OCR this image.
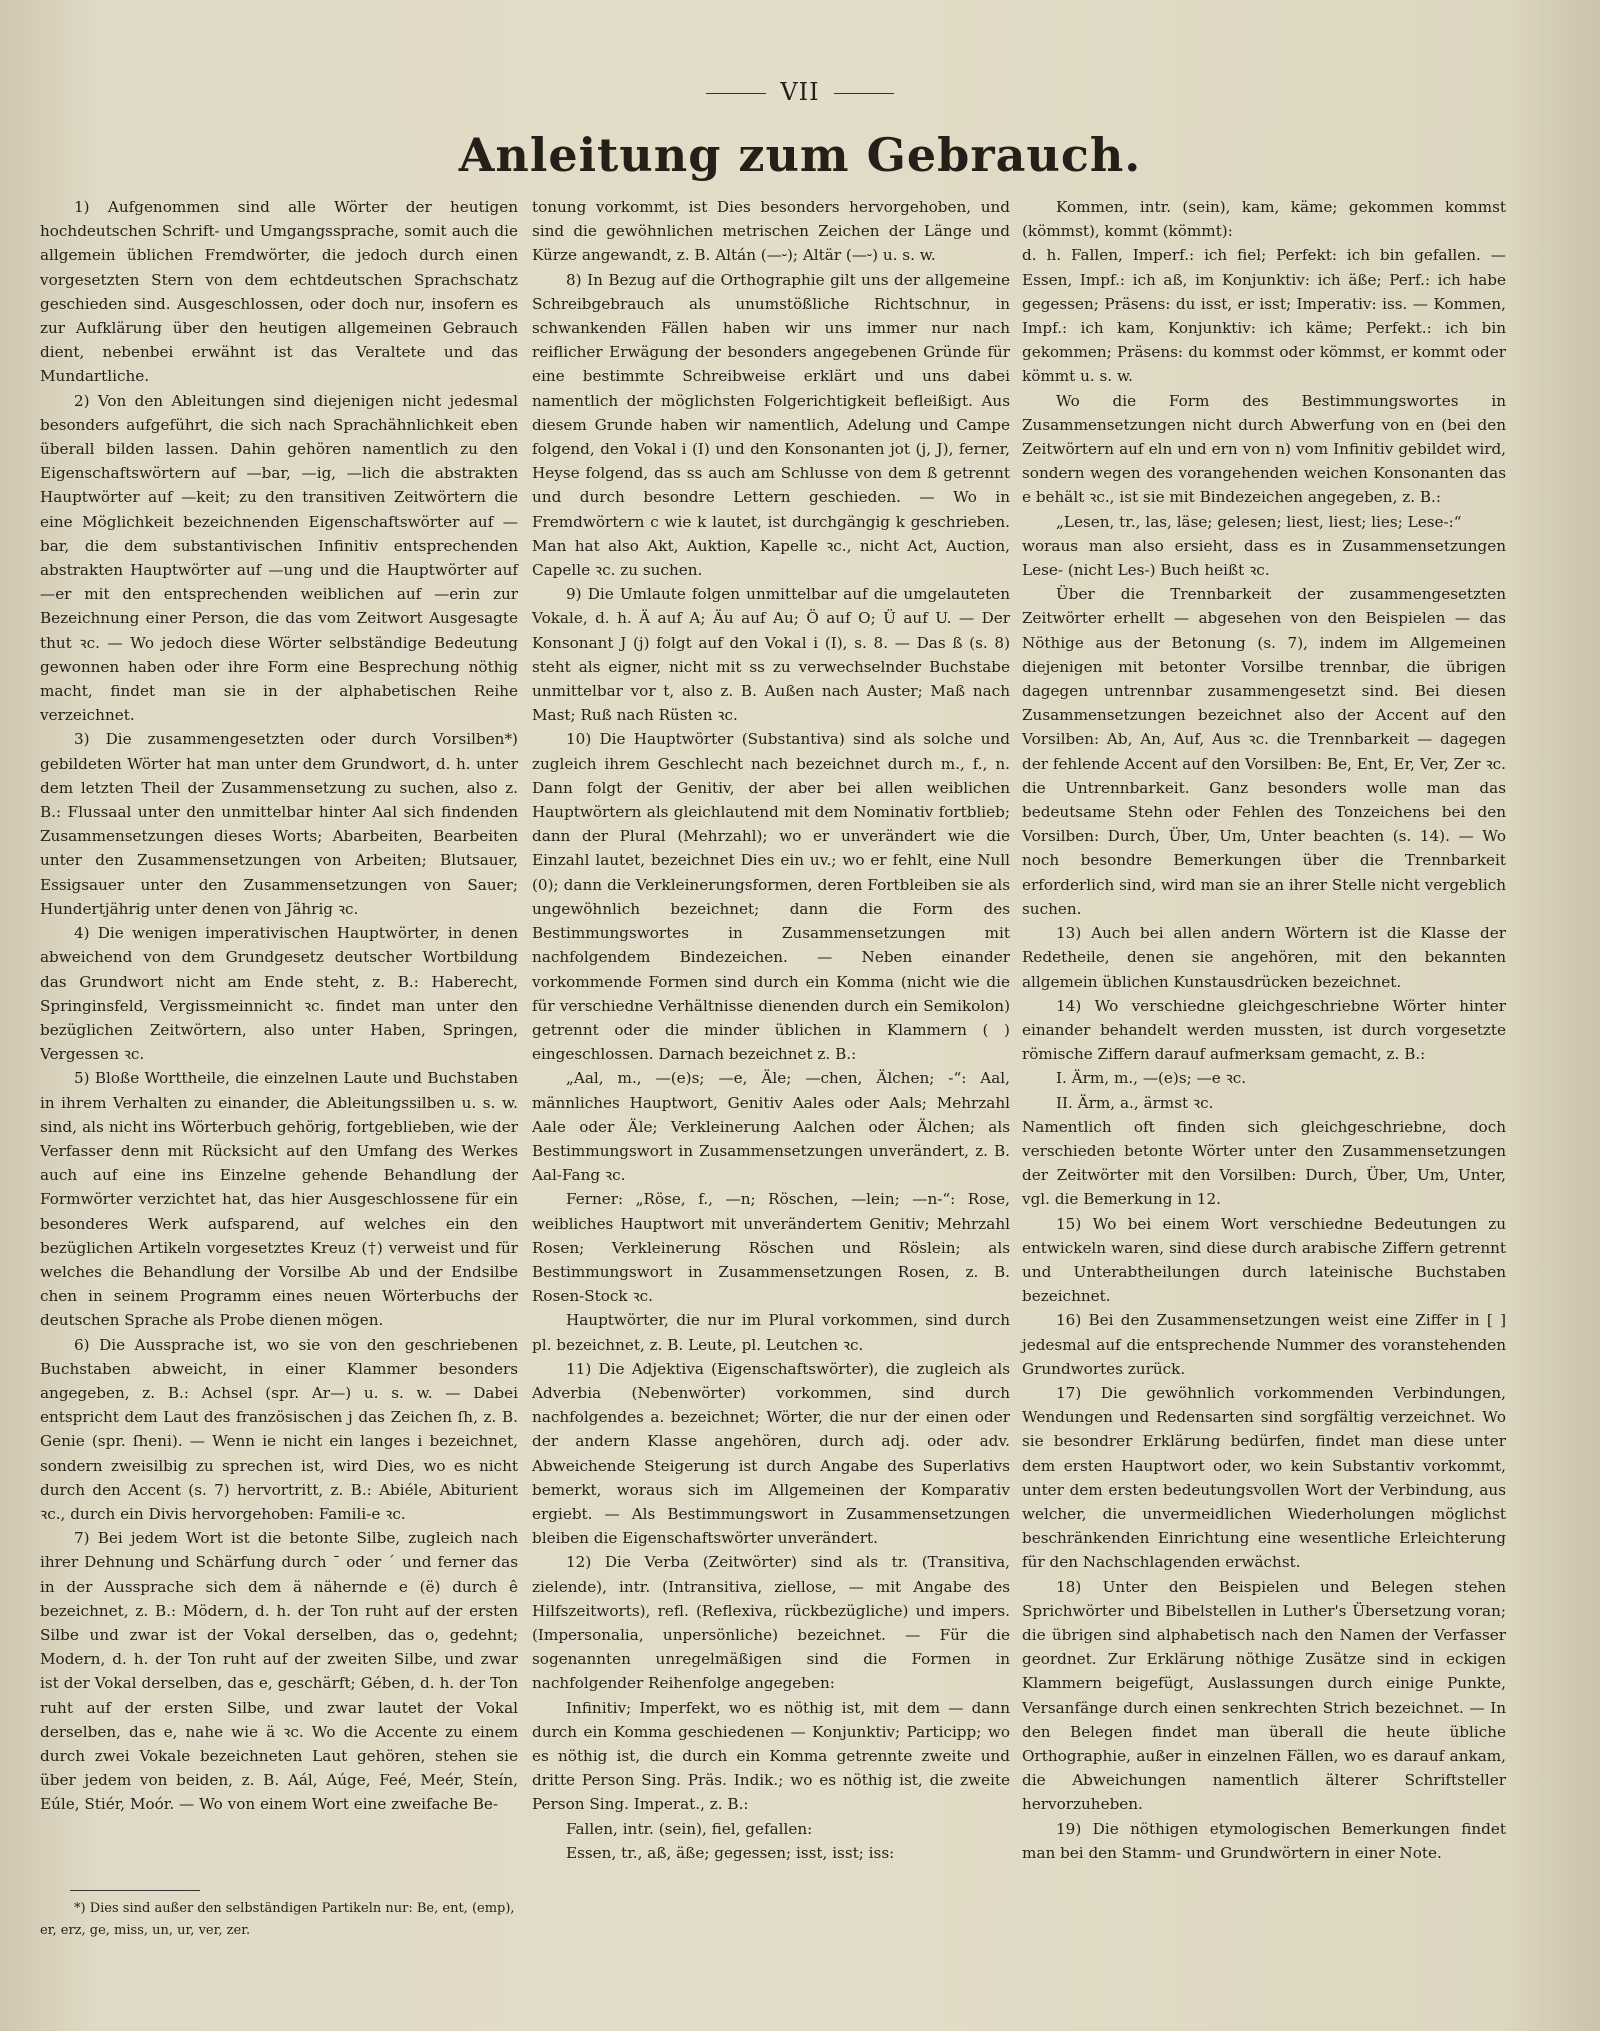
VII
Anleitung zum Gebrauch.

1) Aufgenommen sind alle Wörter der heutigen hochdeutschen Schrift- und Umgangssprache, somit auch die allgemein üblichen Fremdwörter, die jedoch durch einen vorgesetzten Stern von dem echtdeutschen Sprachschatz geschieden sind. Ausgeschlossen, oder doch nur, insofern es zur Aufklärung über den heutigen allgemeinen Gebrauch dient, nebenbei erwähnt ist das Veraltete und das Mundartliche.

2) Von den Ableitungen sind diejenigen nicht jedesmal besonders aufgeführt, die sich nach Sprachähnlichkeit eben überall bilden lassen. Dahin gehören namentlich zu den Eigenschaftswörtern auf —bar, —ig, —lich die abstrakten Hauptwörter auf —keit; zu den transitiven Zeitwörtern die eine Möglichkeit bezeichnenden Eigenschaftswörter auf —bar, die dem substantivischen Infinitiv entsprechenden abstrakten Hauptwörter auf —ung und die Hauptwörter auf —er mit den entsprechenden weiblichen auf —erin zur Bezeichnung einer Person, die das vom Zeitwort Ausgesagte thut ꝛc. — Wo jedoch diese Wörter selbständige Bedeutung gewonnen haben oder ihre Form eine Besprechung nöthig macht, findet man sie in der alphabetischen Reihe verzeichnet.

3) Die zusammengesetzten oder durch Vorsilben*) gebildeten Wörter hat man unter dem Grundwort, d. h. unter dem letzten Theil der Zusammensetzung zu suchen, also z. B.: Flussaal unter den unmittelbar hinter Aal sich findenden Zusammensetzungen dieses Worts; Abarbeiten, Bearbeiten unter den Zusammensetzungen von Arbeiten; Blutsauer, Essigsauer unter den Zusammensetzungen von Sauer; Hundertjährig unter denen von Jährig ꝛc.

4) Die wenigen imperativischen Hauptwörter, in denen abweichend von dem Grundgesetz deutscher Wortbildung das Grundwort nicht am Ende steht, z. B.: Haberecht, Springinsfeld, Vergissmeinnicht ꝛc. findet man unter den bezüglichen Zeitwörtern, also unter Haben, Springen, Vergessen ꝛc.

5) Bloße Worttheile, die einzelnen Laute und Buchstaben in ihrem Verhalten zu einander, die Ableitungssilben u. s. w. sind, als nicht ins Wörterbuch gehörig, fortgeblieben, wie der Verfasser denn mit Rücksicht auf den Umfang des Werkes auch auf eine ins Einzelne gehende Behandlung der Formwörter verzichtet hat, das hier Ausgeschlossene für ein besonderes Werk aufsparend, auf welches ein den bezüglichen Artikeln vorgesetztes Kreuz (†) verweist und für welches die Behandlung der Vorsilbe Ab und der Endsilbe chen in seinem Programm eines neuen Wörterbuchs der deutschen Sprache als Probe dienen mögen.

6) Die Aussprache ist, wo sie von den geschriebenen Buchstaben abweicht, in einer Klammer besonders angegeben, z. B.: Achsel (spr. Ar—) u. s. w. — Dabei entspricht dem Laut des französischen j das Zeichen ſh, z. B. Genie (spr. ſheni). — Wenn ie nicht ein langes i bezeichnet, sondern zweisilbig zu sprechen ist, wird Dies, wo es nicht durch den Accent (s. 7) hervortritt, z. B.: Abiéle, Abiturient ꝛc., durch ein Divis hervorgehoben: Famili-e ꝛc.

7) Bei jedem Wort ist die betonte Silbe, zugleich nach ihrer Dehnung und Schärfung durch ˉ oder ˊ und ferner das in der Aussprache sich dem ä nähernde e (ë) durch ê bezeichnet, z. B.: Mödern, d. h. der Ton ruht auf der ersten Silbe und zwar ist der Vokal derselben, das o, gedehnt; Modern, d. h. der Ton ruht auf der zweiten Silbe, und zwar ist der Vokal derselben, das e, geschärft; Gében, d. h. der Ton ruht auf der ersten Silbe, und zwar lautet der Vokal derselben, das e, nahe wie ä ꝛc. Wo die Accente zu einem durch zwei Vokale bezeichneten Laut gehören, stehen sie über jedem von beiden, z. B. Aál, Aúge, Feé, Meér, Steín, Eúle, Stiér, Moór. — Wo von einem Wort eine zweifache Be-

tonung vorkommt, ist Dies besonders hervorgehoben, und sind die gewöhnlichen metrischen Zeichen der Länge und Kürze angewandt, z. B. Altán (—⏑); Altär (—⏑) u. s. w.

8) In Bezug auf die Orthographie gilt uns der allgemeine Schreibgebrauch als unumstößliche Richtschnur, in schwankenden Fällen haben wir uns immer nur nach reiflicher Erwägung der besonders angegebenen Gründe für eine bestimmte Schreibweise erklärt und uns dabei namentlich der möglichsten Folgerichtigkeit befleißigt. Aus diesem Grunde haben wir namentlich, Adelung und Campe folgend, den Vokal i (I) und den Konsonanten jot (j, J), ferner, Heyse folgend, das ss auch am Schlusse von dem ß getrennt und durch besondre Lettern geschieden. — Wo in Fremdwörtern c wie k lautet, ist durchgängig k geschrieben. Man hat also Akt, Auktion, Kapelle ꝛc., nicht Act, Auction, Capelle ꝛc. zu suchen.

9) Die Umlaute folgen unmittelbar auf die umgelauteten Vokale, d. h. Ä auf A; Äu auf Au; Ö auf O; Ü auf U. — Der Konsonant J (j) folgt auf den Vokal i (I), s. 8. — Das ß (s. 8) steht als eigner, nicht mit ss zu verwechselnder Buchstabe unmittelbar vor t, also z. B. Außen nach Auster; Maß nach Mast; Ruß nach Rüsten ꝛc.

10) Die Hauptwörter (Substantiva) sind als solche und zugleich ihrem Geschlecht nach bezeichnet durch m., f., n. Dann folgt der Genitiv, der aber bei allen weiblichen Hauptwörtern als gleichlautend mit dem Nominativ fortblieb; dann der Plural (Mehrzahl); wo er unverändert wie die Einzahl lautet, bezeichnet Dies ein uv.; wo er fehlt, eine Null (0); dann die Verkleinerungsformen, deren Fortbleiben sie als ungewöhnlich bezeichnet; dann die Form des Bestimmungswortes in Zusammensetzungen mit nachfolgendem Bindezeichen. — Neben einander vorkommende Formen sind durch ein Komma (nicht wie die für verschiedne Verhältnisse dienenden durch ein Semikolon) getrennt oder die minder üblichen in Klammern ( ) eingeschlossen. Darnach bezeichnet z. B.:

„Aal, m., —(e)s; —e, Äle; —chen, Älchen; -“: Aal, männliches Hauptwort, Genitiv Aales oder Aals; Mehrzahl Aale oder Äle; Verkleinerung Aalchen oder Älchen; als Bestimmungswort in Zusammensetzungen unverändert, z. B. Aal-Fang ꝛc.

Ferner: „Röse, f., —n; Röschen, —lein; —n-“: Rose, weibliches Hauptwort mit unverändertem Genitiv; Mehrzahl Rosen; Verkleinerung Röschen und Röslein; als Bestimmungswort in Zusammensetzungen Rosen, z. B. Rosen-Stock ꝛc.

Hauptwörter, die nur im Plural vorkommen, sind durch pl. bezeichnet, z. B. Leute, pl. Leutchen ꝛc.

11) Die Adjektiva (Eigenschaftswörter), die zugleich als Adverbia (Nebenwörter) vorkommen, sind durch nachfolgendes a. bezeichnet; Wörter, die nur der einen oder der andern Klasse angehören, durch adj. oder adv. Abweichende Steigerung ist durch Angabe des Superlativs bemerkt, woraus sich im Allgemeinen der Komparativ ergiebt. — Als Bestimmungswort in Zusammensetzungen bleiben die Eigenschaftswörter unverändert.

12) Die Verba (Zeitwörter) sind als tr. (Transitiva, zielende), intr. (Intransitiva, ziellose, — mit Angabe des Hilfszeitworts), refl. (Reflexiva, rückbezügliche) und impers. (Impersonalia, unpersönliche) bezeichnet. — Für die sogenannten unregelmäßigen sind die Formen in nachfolgender Reihenfolge angegeben:

Infinitiv; Imperfekt, wo es nöthig ist, mit dem — dann durch ein Komma geschiedenen — Konjunktiv; Participp; wo es nöthig ist, die durch ein Komma getrennte zweite und dritte Person Sing. Präs. Indik.; wo es nöthig ist, die zweite Person Sing. Imperat., z. B.:

Fallen, intr. (sein), fiel, gefallen:

Essen, tr., aß, äße; gegessen; isst, isst; iss:

Kommen, intr. (sein), kam, käme; gekommen kommst (kömmst), kommt (kömmt):

d. h. Fallen, Imperf.: ich fiel; Perfekt: ich bin gefallen. — Essen, Impf.: ich aß, im Konjunktiv: ich äße; Perf.: ich habe gegessen; Präsens: du isst, er isst; Imperativ: iss. — Kommen, Impf.: ich kam, Konjunktiv: ich käme; Perfekt.: ich bin gekommen; Präsens: du kommst oder kömmst, er kommt oder kömmt u. s. w.

Wo die Form des Bestimmungswortes in Zusammensetzungen nicht durch Abwerfung von en (bei den Zeitwörtern auf eln und ern von n) vom Infinitiv gebildet wird, sondern wegen des vorangehenden weichen Konsonanten das e behält ꝛc., ist sie mit Bindezeichen angegeben, z. B.:

„Lesen, tr., las, läse; gelesen; liest, liest; lies; Lese-:“

woraus man also ersieht, dass es in Zusammensetzungen Lese- (nicht Les-) Buch heißt ꝛc.

Über die Trennbarkeit der zusammengesetzten Zeitwörter erhellt — abgesehen von den Beispielen — das Nöthige aus der Betonung (s. 7), indem im Allgemeinen diejenigen mit betonter Vorsilbe trennbar, die übrigen dagegen untrennbar zusammengesetzt sind. Bei diesen Zusammensetzungen bezeichnet also der Accent auf den Vorsilben: Ab, An, Auf, Aus ꝛc. die Trennbarkeit — dagegen der fehlende Accent auf den Vorsilben: Be, Ent, Er, Ver, Zer ꝛc. die Untrennbarkeit. Ganz besonders wolle man das bedeutsame Stehn oder Fehlen des Tonzeichens bei den Vorsilben: Durch, Über, Um, Unter beachten (s. 14). — Wo noch besondre Bemerkungen über die Trennbarkeit erforderlich sind, wird man sie an ihrer Stelle nicht vergeblich suchen.

13) Auch bei allen andern Wörtern ist die Klasse der Redetheile, denen sie angehören, mit den bekannten allgemein üblichen Kunstausdrücken bezeichnet.

14) Wo verschiedne gleichgeschriebne Wörter hinter einander behandelt werden mussten, ist durch vorgesetzte römische Ziffern darauf aufmerksam gemacht, z. B.:

I. Ärm, m., —(e)s; —e ꝛc.

II. Ärm, a., ärmst ꝛc.

Namentlich oft finden sich gleichgeschriebne, doch verschieden betonte Wörter unter den Zusammensetzungen der Zeitwörter mit den Vorsilben: Durch, Über, Um, Unter, vgl. die Bemerkung in 12.

15) Wo bei einem Wort verschiedne Bedeutungen zu entwickeln waren, sind diese durch arabische Ziffern getrennt und Unterabtheilungen durch lateinische Buchstaben bezeichnet.

16) Bei den Zusammensetzungen weist eine Ziffer in [ ] jedesmal auf die entsprechende Nummer des voranstehenden Grundwortes zurück.

17) Die gewöhnlich vorkommenden Verbindungen, Wendungen und Redensarten sind sorgfältig verzeichnet. Wo sie besondrer Erklärung bedürfen, findet man diese unter dem ersten Hauptwort oder, wo kein Substantiv vorkommt, unter dem ersten bedeutungsvollen Wort der Verbindung, aus welcher, die unvermeidlichen Wiederholungen möglichst beschränkenden Einrichtung eine wesentliche Erleichterung für den Nachschlagenden erwächst.

18) Unter den Beispielen und Belegen stehen Sprichwörter und Bibelstellen in Luther's Übersetzung voran; die übrigen sind alphabetisch nach den Namen der Verfasser geordnet. Zur Erklärung nöthige Zusätze sind in eckigen Klammern beigefügt, Auslassungen durch einige Punkte, Versanfänge durch einen senkrechten Strich bezeichnet. — In den Belegen findet man überall die heute übliche Orthographie, außer in einzelnen Fällen, wo es darauf ankam, die Abweichungen namentlich älterer Schriftsteller hervorzuheben.

19) Die nöthigen etymologischen Bemerkungen findet man bei den Stamm- und Grundwörtern in einer Note.

*) Dies sind außer den selbständigen Partikeln nur: Be, ent, (emp), er, erz, ge, miss, un, ur, ver, zer.
